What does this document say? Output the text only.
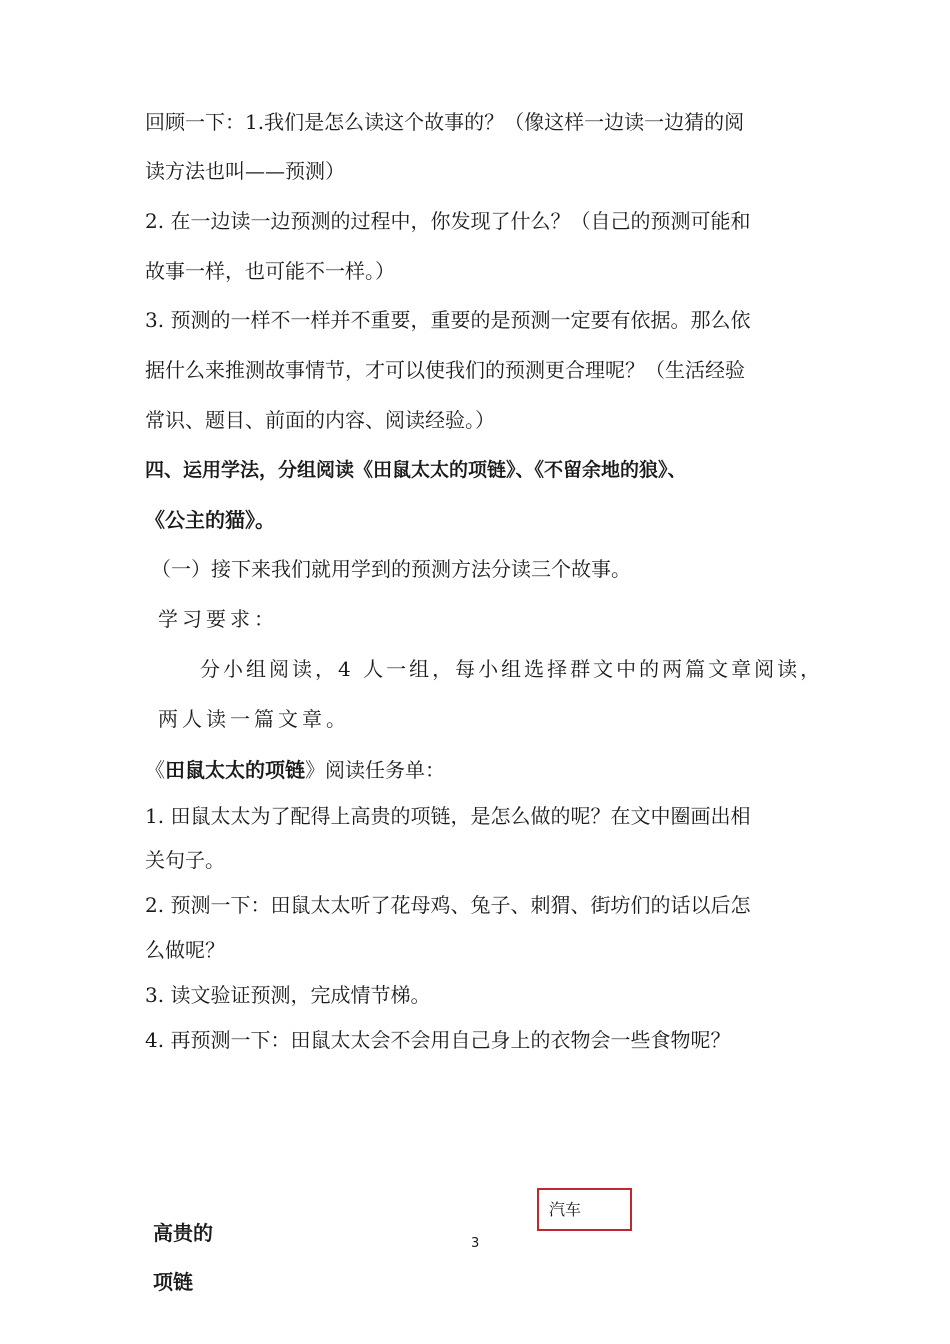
回顾一下：1.我们是怎么读这个故事的？（像这样一边读一边猜的阅
读方法也叫——预测）
2. 在一边读一边预测的过程中，你发现了什么？（自己的预测可能和
故事一样，也可能不一样。）
3. 预测的一样不一样并不重要，重要的是预测一定要有依据。那么依
据什么来推测故事情节，才可以使我们的预测更合理呢？（生活经验
常识、题目、前面的内容、阅读经验。）
四、运用学法，分组阅读《田鼠太太的项链》、《不留余地的狼》、
《公主的猫》。
（一）接下来我们就用学到的预测方法分读三个故事。
学习要求：
分小组阅读，4 人一组，每小组选择群文中的两篇文章阅读，
两人读一篇文章。
《田鼠太太的项链》阅读任务单：
1. 田鼠太太为了配得上高贵的项链，是怎么做的呢？在文中圈画出相
关句子。
2. 预测一下：田鼠太太听了花母鸡、兔子、刺猬、街坊们的话以后怎
么做呢？
3. 读文验证预测，完成情节梯。
4. 再预测一下：田鼠太太会不会用自己身上的衣物会一些食物呢？
汽车
3
高贵的
项链
